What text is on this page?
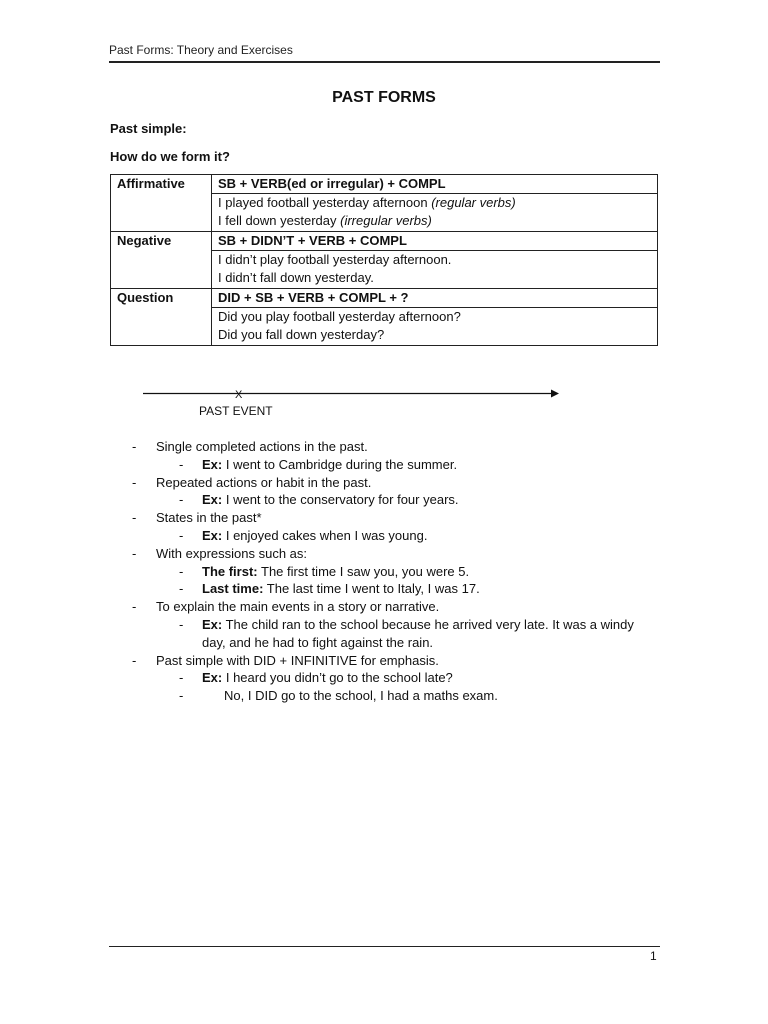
Past Forms: Theory and Exercises
PAST FORMS
Past simple:
How do we form it?
Affirmative	SB + VERB(ed or irregular) + COMPL

	I played football yesterday afternoon (regular verbs)
I fell down yesterday (irregular verbs)

Negative	SB + DIDN’T + VERB + COMPL

	I didn’t play football yesterday afternoon.
I didn’t fall down yesterday.

Question	DID + SB + VERB + COMPL + ?

	Did you play football yesterday afternoon?
Did you fall down yesterday?
X
PAST EVENT
- Single completed actions in the past.
- Ex: I went to Cambridge during the summer.
- Repeated actions or habit in the past.
- Ex: I went to the conservatory for four years.
- States in the past*
- Ex: I enjoyed cakes when I was young.
- With expressions such as:
- The first: The first time I saw you, you were 5.
- Last time: The last time I went to Italy, I was 17.
- To explain the main events in a story or narrative.
- Ex: The child ran to the school because he arrived very late. It was a windy day, and he had to fight against the rain.
- Past simple with DID + INFINITIVE for emphasis.
- Ex: I heard you didn’t go to the school late?
- No, I DID go to the school, I had a maths exam.
1
